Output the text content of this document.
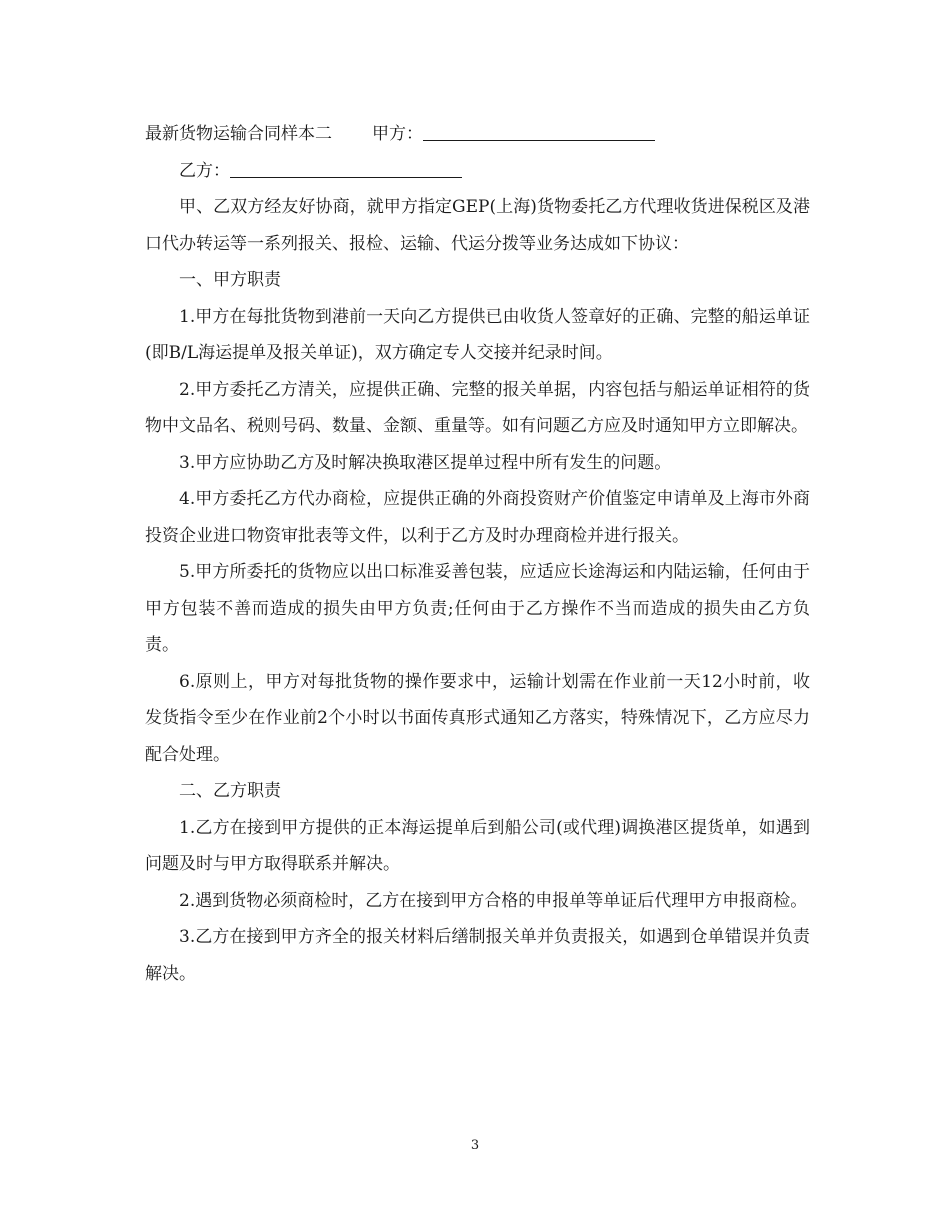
最新货物运输合同样本二 甲方：

乙方：

甲、乙双方经友好协商，就甲方指定GEP(上海)货物委托乙方代理收货进保税区及港口代办转运等一系列报关、报检、运输、代运分拨等业务达成如下协议：

一、甲方职责

1.甲方在每批货物到港前一天向乙方提供已由收货人签章好的正确、完整的船运单证(即B/L海运提单及报关单证)，双方确定专人交接并纪录时间。

2.甲方委托乙方清关，应提供正确、完整的报关单据，内容包括与船运单证相符的货物中文品名、税则号码、数量、金额、重量等。如有问题乙方应及时通知甲方立即解决。

3.甲方应协助乙方及时解决换取港区提单过程中所有发生的问题。

4.甲方委托乙方代办商检，应提供正确的外商投资财产价值鉴定申请单及上海市外商投资企业进口物资审批表等文件，以利于乙方及时办理商检并进行报关。

5.甲方所委托的货物应以出口标准妥善包装，应适应长途海运和内陆运输，任何由于甲方包装不善而造成的损失由甲方负责;任何由于乙方操作不当而造成的损失由乙方负责。

6.原则上，甲方对每批货物的操作要求中，运输计划需在作业前一天12小时前，收发货指令至少在作业前2个小时以书面传真形式通知乙方落实，特殊情况下，乙方应尽力配合处理。

二、乙方职责

1.乙方在接到甲方提供的正本海运提单后到船公司(或代理)调换港区提货单，如遇到问题及时与甲方取得联系并解决。

2.遇到货物必须商检时，乙方在接到甲方合格的申报单等单证后代理甲方申报商检。

3.乙方在接到甲方齐全的报关材料后缮制报关单并负责报关，如遇到仓单错误并负责解决。

3
